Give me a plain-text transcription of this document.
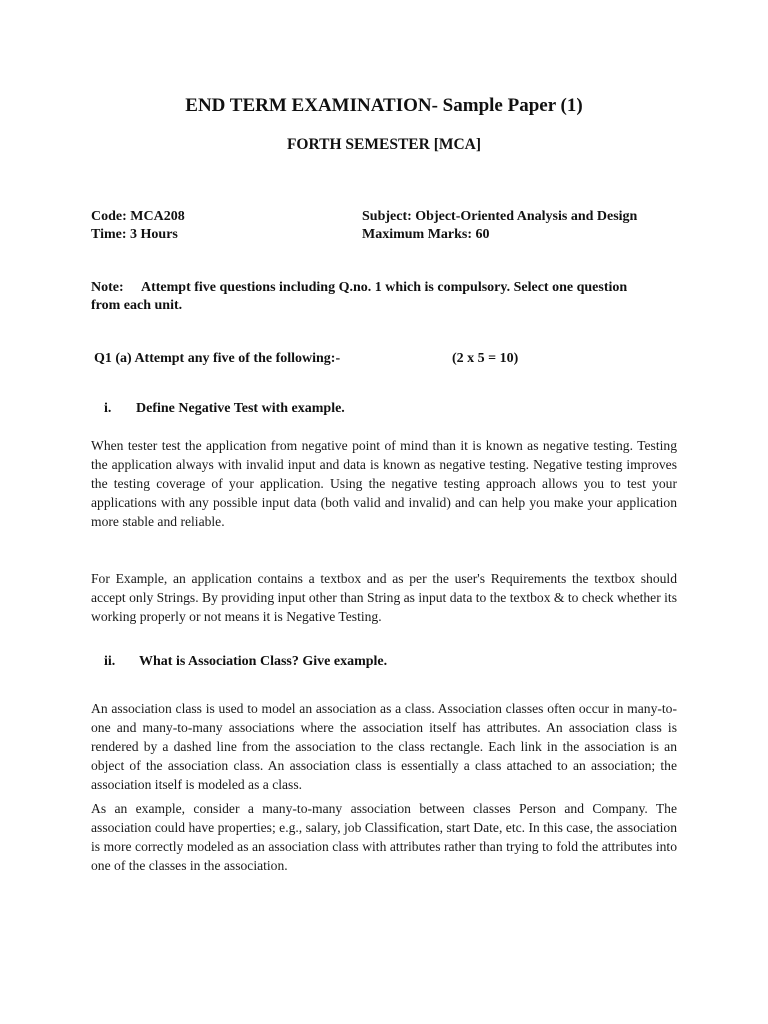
END TERM EXAMINATION- Sample Paper (1)
FORTH SEMESTER [MCA]
Code: MCA208
Time: 3 Hours
Subject: Object-Oriented Analysis and Design
Maximum Marks: 60
Note: Attempt five questions including Q.no. 1 which is compulsory. Select one question
from each unit.
Q1 (a) Attempt any five of the following:-	(2 x 5 = 10)
i. Define Negative Test with example.
When tester test the application from negative point of mind than it is known as negative testing. Testing the application always with invalid input and data is known as negative testing. Negative testing improves the testing coverage of your application. Using the negative testing approach allows you to test your applications with any possible input data (both valid and invalid) and can help you make your application more stable and reliable.
For Example, an application contains a textbox and as per the user's Requirements the textbox should accept only Strings. By providing input other than String as input data to the textbox & to check whether its working properly or not means it is Negative Testing.
ii. What is Association Class? Give example.
An association class is used to model an association as a class. Association classes often occur in many-to-one and many-to-many associations where the association itself has attributes. An association class is rendered by a dashed line from the association to the class rectangle. Each link in the association is an object of the association class. An association class is essentially a class attached to an association; the association itself is modeled as a class.
As an example, consider a many-to-many association between classes Person and Company. The association could have properties; e.g., salary, job Classification, start Date, etc. In this case, the association is more correctly modeled as an association class with attributes rather than trying to fold the attributes into one of the classes in the association.
